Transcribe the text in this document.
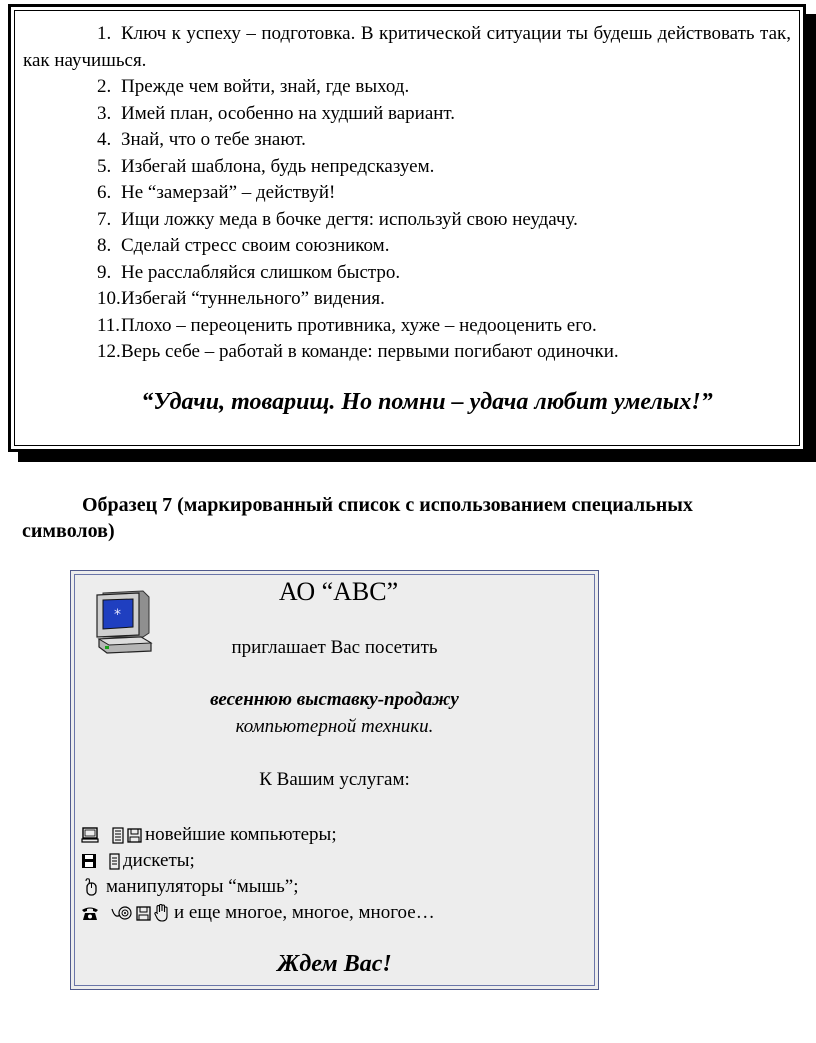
1. Ключ к успеху – подготовка. В критической ситуации ты будешь действовать так, как научишься.
2. Прежде чем войти, знай, где выход.
3. Имей план, особенно на худший вариант.
4. Знай, что о тебе знают.
5. Избегай шаблона, будь непредсказуем.
6. Не “замерзай” – действуй!
7. Ищи ложку меда в бочке дегтя: используй свою неудачу.
8. Сделай стресс своим союзником.
9. Не расслабляйся слишком быстро.
10. Избегай “туннельного” видения.
11. Плохо – переоценить противника, хуже – недооценить его.
12. Верь себе – работай в команде: первыми погибают одиночки.
“Удачи, товарищ. Но помни – удача любит умелых!”
Образец 7 (маркированный список с использованием специальных
символов)
*
АО “ABC”
приглашает Вас посетить
весеннюю выставку-продажу
компьютерной техники.
К Вашим услугам:
новейшие компьютеры;
дискеты;
манипуляторы “мышь”;
и еще многое, многое, многое…
Ждем Вас!
